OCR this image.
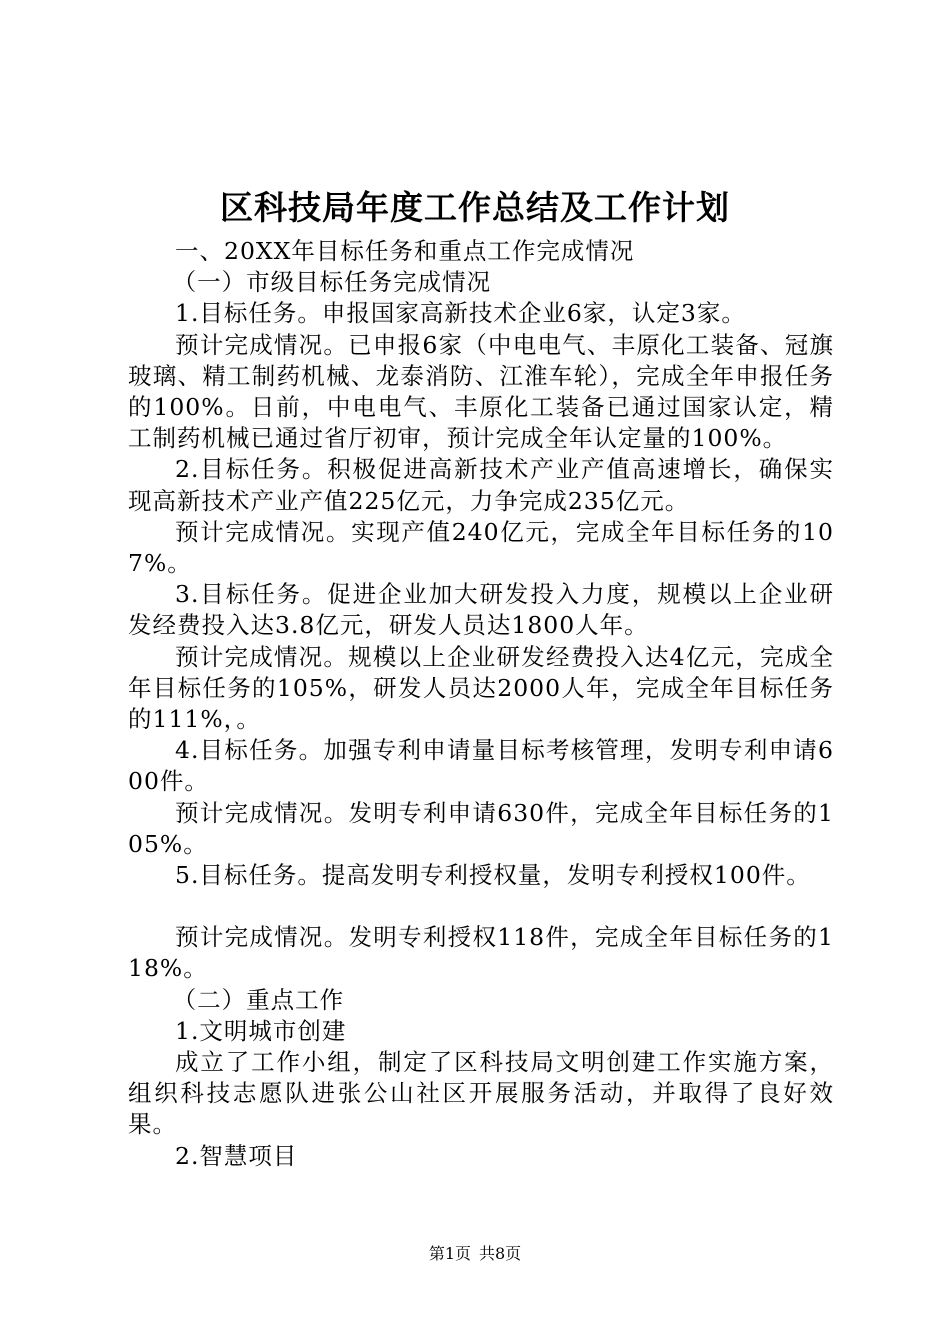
区科技局年度工作总结及工作计划

一、20XX年目标任务和重点工作完成情况

（一）市级目标任务完成情况

1.目标任务。申报国家高新技术企业6家，认定3家。

预计完成情况。已申报6家（中电电气、丰原化工装备、冠旗玻璃、精工制药机械、龙泰消防、江淮车轮），完成全年申报任务的100%。日前，中电电气、丰原化工装备已通过国家认定，精工制药机械已通过省厅初审，预计完成全年认定量的100%。

2.目标任务。积极促进高新技术产业产值高速增长，确保实现高新技术产业产值225亿元，力争完成235亿元。

预计完成情况。实现产值240亿元，完成全年目标任务的107%。

3.目标任务。促进企业加大研发投入力度，规模以上企业研发经费投入达3.8亿元，研发人员达1800人年。

预计完成情况。规模以上企业研发经费投入达4亿元，完成全年目标任务的105%，研发人员达2000人年，完成全年目标任务的111%，。

4.目标任务。加强专利申请量目标考核管理，发明专利申请600件。

预计完成情况。发明专利申请630件，完成全年目标任务的105%。

5.目标任务。提高发明专利授权量，发明专利授权100件。

预计完成情况。发明专利授权118件，完成全年目标任务的118%。

（二）重点工作

1.文明城市创建

成立了工作小组，制定了区科技局文明创建工作实施方案，组织科技志愿队进张公山社区开展服务活动，并取得了良好效果。

2.智慧项目

第1页 共8页
